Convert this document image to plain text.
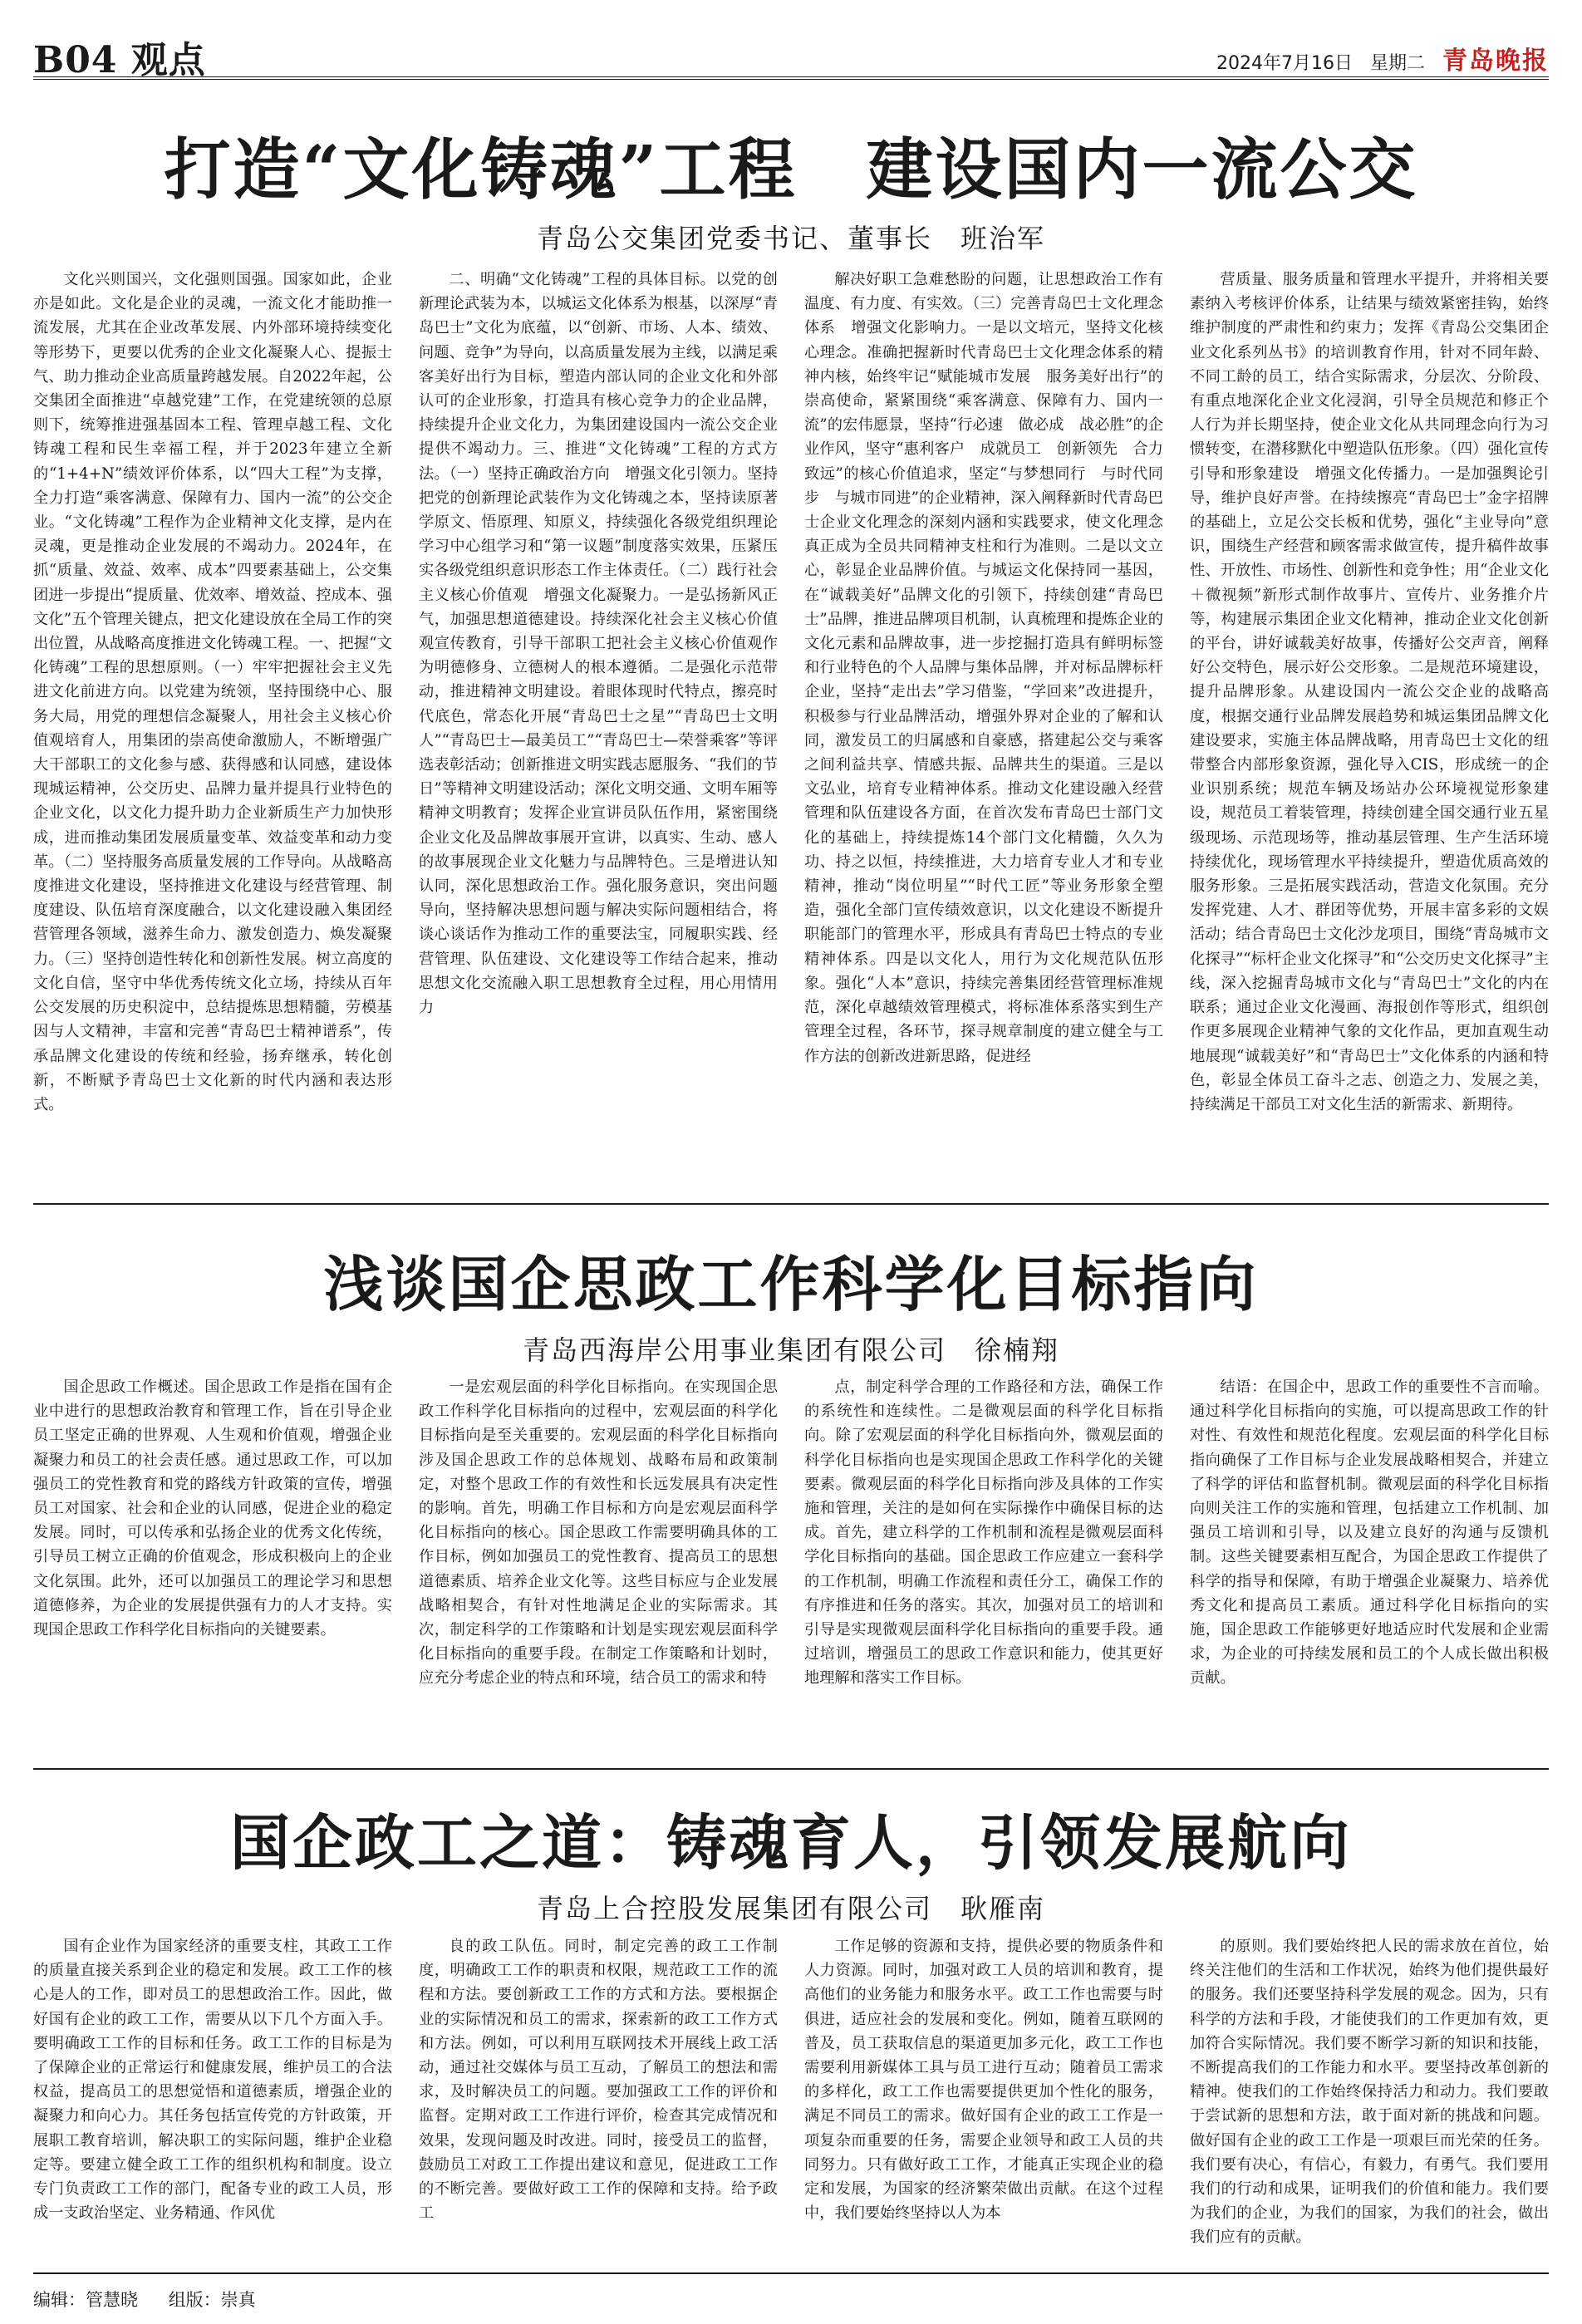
B04 观点	2024年7月16日 星期二 青岛晚报
打造“文化铸魂”工程　建设国内一流公交

青岛公交集团党委书记、董事长　班治军

文化兴则国兴，文化强则国强。国家如此，企业亦是如此。文化是企业的灵魂，一流文化才能助推一流发展，尤其在企业改革发展、内外部环境持续变化等形势下，更要以优秀的企业文化凝聚人心、提振士气、助力推动企业高质量跨越发展。自2022年起，公交集团全面推进“卓越党建”工作，在党建统领的总原则下，统筹推进强基固本工程、管理卓越工程、文化铸魂工程和民生幸福工程，并于2023年建立全新的“1+4+N”绩效评价体系，以“四大工程”为支撑，全力打造“乘客满意、保障有力、国内一流”的公交企业。“文化铸魂”工程作为企业精神文化支撑，是内在灵魂，更是推动企业发展的不竭动力。2024年，在抓“质量、效益、效率、成本”四要素基础上，公交集团进一步提出“提质量、优效率、增效益、控成本、强文化”五个管理关键点，把文化建设放在全局工作的突出位置，从战略高度推进文化铸魂工程。一、把握“文化铸魂”工程的思想原则。（一）牢牢把握社会主义先进文化前进方向。以党建为统领，坚持围绕中心、服务大局，用党的理想信念凝聚人，用社会主义核心价值观培育人，用集团的崇高使命激励人，不断增强广大干部职工的文化参与感、获得感和认同感，建设体现城运精神，公交历史、品牌力量并提具行业特色的企业文化，以文化力提升助力企业新质生产力加快形成，进而推动集团发展质量变革、效益变革和动力变革。（二）坚持服务高质量发展的工作导向。从战略高度推进文化建设，坚持推进文化建设与经营管理、制度建设、队伍培育深度融合，以文化建设融入集团经营管理各领域，滋养生命力、激发创造力、焕发凝聚力。（三）坚持创造性转化和创新性发展。树立高度的文化自信，坚守中华优秀传统文化立场，持续从百年公交发展的历史积淀中，总结提炼思想精髓，劳模基因与人文精神，丰富和完善“青岛巴士精神谱系”，传承品牌文化建设的传统和经验，扬弃继承，转化创新，不断赋予青岛巴士文化新的时代内涵和表达形式。

二、明确“文化铸魂”工程的具体目标。以党的创新理论武装为本，以城运文化体系为根基，以深厚“青岛巴士”文化为底蕴，以“创新、市场、人本、绩效、问题、竞争”为导向，以高质量发展为主线，以满足乘客美好出行为目标，塑造内部认同的企业文化和外部认可的企业形象，打造具有核心竞争力的企业品牌，持续提升企业文化力，为集团建设国内一流公交企业提供不竭动力。三、推进“文化铸魂”工程的方式方法。（一）坚持正确政治方向　增强文化引领力。坚持把党的创新理论武装作为文化铸魂之本，坚持读原著学原文、悟原理、知原义，持续强化各级党组织理论学习中心组学习和“第一议题”制度落实效果，压紧压实各级党组织意识形态工作主体责任。（二）践行社会主义核心价值观　增强文化凝聚力。一是弘扬新风正气，加强思想道德建设。持续深化社会主义核心价值观宣传教育，引导干部职工把社会主义核心价值观作为明德修身、立德树人的根本遵循。二是强化示范带动，推进精神文明建设。着眼体现时代特点，擦亮时代底色，常态化开展“青岛巴士之星”“青岛巴士文明人”“青岛巴士—最美员工”“青岛巴士—荣誉乘客”等评选表彰活动；创新推进文明实践志愿服务、“我们的节日”等精神文明建设活动；深化文明交通、文明车厢等精神文明教育；发挥企业宣讲员队伍作用，紧密围绕企业文化及品牌故事展开宣讲，以真实、生动、感人的故事展现企业文化魅力与品牌特色。三是增进认知认同，深化思想政治工作。强化服务意识，突出问题导向，坚持解决思想问题与解决实际问题相结合，将谈心谈话作为推动工作的重要法宝，同履职实践、经营管理、队伍建设、文化建设等工作结合起来，推动思想文化交流融入职工思想教育全过程，用心用情用力

解决好职工急难愁盼的问题，让思想政治工作有温度、有力度、有实效。（三）完善青岛巴士文化理念体系　增强文化影响力。一是以文培元，坚持文化核心理念。准确把握新时代青岛巴士文化理念体系的精神内核，始终牢记“赋能城市发展　服务美好出行”的崇高使命，紧紧围绕“乘客满意、保障有力、国内一流”的宏伟愿景，坚持“行必速　做必成　战必胜”的企业作风，坚守“惠利客户　成就员工　创新领先　合力致远”的核心价值追求，坚定“与梦想同行　与时代同步　与城市同进”的企业精神，深入阐释新时代青岛巴士企业文化理念的深刻内涵和实践要求，使文化理念真正成为全员共同精神支柱和行为准则。二是以文立心，彰显企业品牌价值。与城运文化保持同一基因，在“诚载美好”品牌文化的引领下，持续创建“青岛巴士”品牌，推进品牌项目机制，认真梳理和提炼企业的文化元素和品牌故事，进一步挖掘打造具有鲜明标签和行业特色的个人品牌与集体品牌，并对标品牌标杆企业，坚持“走出去”学习借鉴，“学回来”改进提升，积极参与行业品牌活动，增强外界对企业的了解和认同，激发员工的归属感和自豪感，搭建起公交与乘客之间利益共享、情感共振、品牌共生的渠道。三是以文弘业，培育专业精神体系。推动文化建设融入经营管理和队伍建设各方面，在首次发布青岛巴士部门文化的基础上，持续提炼14个部门文化精髓，久久为功、持之以恒，持续推进，大力培育专业人才和专业精神，推动“岗位明星”“时代工匠”等业务形象全塑造，强化全部门宣传绩效意识，以文化建设不断提升职能部门的管理水平，形成具有青岛巴士特点的专业精神体系。四是以文化人，用行为文化规范队伍形象。强化“人本”意识，持续完善集团经营管理标准规范，深化卓越绩效管理模式，将标准体系落实到生产管理全过程，各环节，探寻规章制度的建立健全与工作方法的创新改进新思路，促进经

营质量、服务质量和管理水平提升，并将相关要素纳入考核评价体系，让结果与绩效紧密挂钩，始终维护制度的严肃性和约束力；发挥《青岛公交集团企业文化系列丛书》的培训教育作用，针对不同年龄、不同工龄的员工，结合实际需求，分层次、分阶段、有重点地深化企业文化浸润，引导全员规范和修正个人行为并长期坚持，使企业文化从共同理念向行为习惯转变，在潜移默化中塑造队伍形象。（四）强化宣传引导和形象建设　增强文化传播力。一是加强舆论引导，维护良好声誉。在持续擦亮“青岛巴士”金字招牌的基础上，立足公交长板和优势，强化“主业导向”意识，围绕生产经营和顾客需求做宣传，提升稿件故事性、开放性、市场性、创新性和竞争性；用“企业文化＋微视频”新形式制作故事片、宣传片、业务推介片等，构建展示集团企业文化精神，推动企业文化创新的平台，讲好诚载美好故事，传播好公交声音，阐释好公交特色，展示好公交形象。二是规范环境建设，提升品牌形象。从建设国内一流公交企业的战略高度，根据交通行业品牌发展趋势和城运集团品牌文化建设要求，实施主体品牌战略，用青岛巴士文化的纽带整合内部形象资源，强化导入CIS，形成统一的企业识别系统；规范车辆及场站办公环境视觉形象建设，规范员工着装管理，持续创建全国交通行业五星级现场、示范现场等，推动基层管理、生产生活环境持续优化，现场管理水平持续提升，塑造优质高效的服务形象。三是拓展实践活动，营造文化氛围。充分发挥党建、人才、群团等优势，开展丰富多彩的文娱活动；结合青岛巴士文化沙龙项目，围绕“青岛城市文化探寻”“标杆企业文化探寻”和“公交历史文化探寻”主线，深入挖掘青岛城市文化与“青岛巴士”文化的内在联系；通过企业文化漫画、海报创作等形式，组织创作更多展现企业精神气象的文化作品，更加直观生动地展现“诚载美好”和“青岛巴士”文化体系的内涵和特色，彰显全体员工奋斗之志、创造之力、发展之美，持续满足干部员工对文化生活的新需求、新期待。

浅谈国企思政工作科学化目标指向

青岛西海岸公用事业集团有限公司　徐楠翔

国企思政工作概述。国企思政工作是指在国有企业中进行的思想政治教育和管理工作，旨在引导企业员工坚定正确的世界观、人生观和价值观，增强企业凝聚力和员工的社会责任感。通过思政工作，可以加强员工的党性教育和党的路线方针政策的宣传，增强员工对国家、社会和企业的认同感，促进企业的稳定发展。同时，可以传承和弘扬企业的优秀文化传统，引导员工树立正确的价值观念，形成积极向上的企业文化氛围。此外，还可以加强员工的理论学习和思想道德修养，为企业的发展提供强有力的人才支持。实现国企思政工作科学化目标指向的关键要素。

一是宏观层面的科学化目标指向。在实现国企思政工作科学化目标指向的过程中，宏观层面的科学化目标指向是至关重要的。宏观层面的科学化目标指向涉及国企思政工作的总体规划、战略布局和政策制定，对整个思政工作的有效性和长远发展具有决定性的影响。首先，明确工作目标和方向是宏观层面科学化目标指向的核心。国企思政工作需要明确具体的工作目标，例如加强员工的党性教育、提高员工的思想道德素质、培养企业文化等。这些目标应与企业发展战略相契合，有针对性地满足企业的实际需求。其次，制定科学的工作策略和计划是实现宏观层面科学化目标指向的重要手段。在制定工作策略和计划时，应充分考虑企业的特点和环境，结合员工的需求和特

点，制定科学合理的工作路径和方法，确保工作的系统性和连续性。二是微观层面的科学化目标指向。除了宏观层面的科学化目标指向外，微观层面的科学化目标指向也是实现国企思政工作科学化的关键要素。微观层面的科学化目标指向涉及具体的工作实施和管理，关注的是如何在实际操作中确保目标的达成。首先，建立科学的工作机制和流程是微观层面科学化目标指向的基础。国企思政工作应建立一套科学的工作机制，明确工作流程和责任分工，确保工作的有序推进和任务的落实。其次，加强对员工的培训和引导是实现微观层面科学化目标指向的重要手段。通过培训，增强员工的思政工作意识和能力，使其更好地理解和落实工作目标。

结语：在国企中，思政工作的重要性不言而喻。通过科学化目标指向的实施，可以提高思政工作的针对性、有效性和规范化程度。宏观层面的科学化目标指向确保了工作目标与企业发展战略相契合，并建立了科学的评估和监督机制。微观层面的科学化目标指向则关注工作的实施和管理，包括建立工作机制、加强员工培训和引导，以及建立良好的沟通与反馈机制。这些关键要素相互配合，为国企思政工作提供了科学的指导和保障，有助于增强企业凝聚力、培养优秀文化和提高员工素质。通过科学化目标指向的实施，国企思政工作能够更好地适应时代发展和企业需求，为企业的可持续发展和员工的个人成长做出积极贡献。

国企政工之道：铸魂育人，引领发展航向

青岛上合控股发展集团有限公司　耿雁南

国有企业作为国家经济的重要支柱，其政工工作的质量直接关系到企业的稳定和发展。政工工作的核心是人的工作，即对员工的思想政治工作。因此，做好国有企业的政工工作，需要从以下几个方面入手。要明确政工工作的目标和任务。政工工作的目标是为了保障企业的正常运行和健康发展，维护员工的合法权益，提高员工的思想觉悟和道德素质，增强企业的凝聚力和向心力。其任务包括宣传党的方针政策，开展职工教育培训，解决职工的实际问题，维护企业稳定等。要建立健全政工工作的组织机构和制度。设立专门负责政工工作的部门，配备专业的政工人员，形成一支政治坚定、业务精通、作风优

良的政工队伍。同时，制定完善的政工工作制度，明确政工工作的职责和权限，规范政工工作的流程和方法。要创新政工工作的方式和方法。要根据企业的实际情况和员工的需求，探索新的政工工作方式和方法。例如，可以利用互联网技术开展线上政工活动，通过社交媒体与员工互动，了解员工的想法和需求，及时解决员工的问题。要加强政工工作的评价和监督。定期对政工工作进行评价，检查其完成情况和效果，发现问题及时改进。同时，接受员工的监督，鼓励员工对政工工作提出建议和意见，促进政工工作的不断完善。要做好政工工作的保障和支持。给予政工

工作足够的资源和支持，提供必要的物质条件和人力资源。同时，加强对政工人员的培训和教育，提高他们的业务能力和服务水平。政工工作也需要与时俱进，适应社会的发展和变化。例如，随着互联网的普及，员工获取信息的渠道更加多元化，政工工作也需要利用新媒体工具与员工进行互动；随着员工需求的多样化，政工工作也需要提供更加个性化的服务，满足不同员工的需求。做好国有企业的政工工作是一项复杂而重要的任务，需要企业领导和政工人员的共同努力。只有做好政工工作，才能真正实现企业的稳定和发展，为国家的经济繁荣做出贡献。在这个过程中，我们要始终坚持以人为本

的原则。我们要始终把人民的需求放在首位，始终关注他们的生活和工作状况，始终为他们提供最好的服务。我们还要坚持科学发展的观念。因为，只有科学的方法和手段，才能使我们的工作更加有效，更加符合实际情况。我们要不断学习新的知识和技能，不断提高我们的工作能力和水平。要坚持改革创新的精神。使我们的工作始终保持活力和动力。我们要敢于尝试新的思想和方法，敢于面对新的挑战和问题。做好国有企业的政工工作是一项艰巨而光荣的任务。我们要有决心，有信心，有毅力，有勇气。我们要用我们的行动和成果，证明我们的价值和能力。我们要为我们的企业，为我们的国家，为我们的社会，做出我们应有的贡献。

编辑：管慧晓 组版：崇真
